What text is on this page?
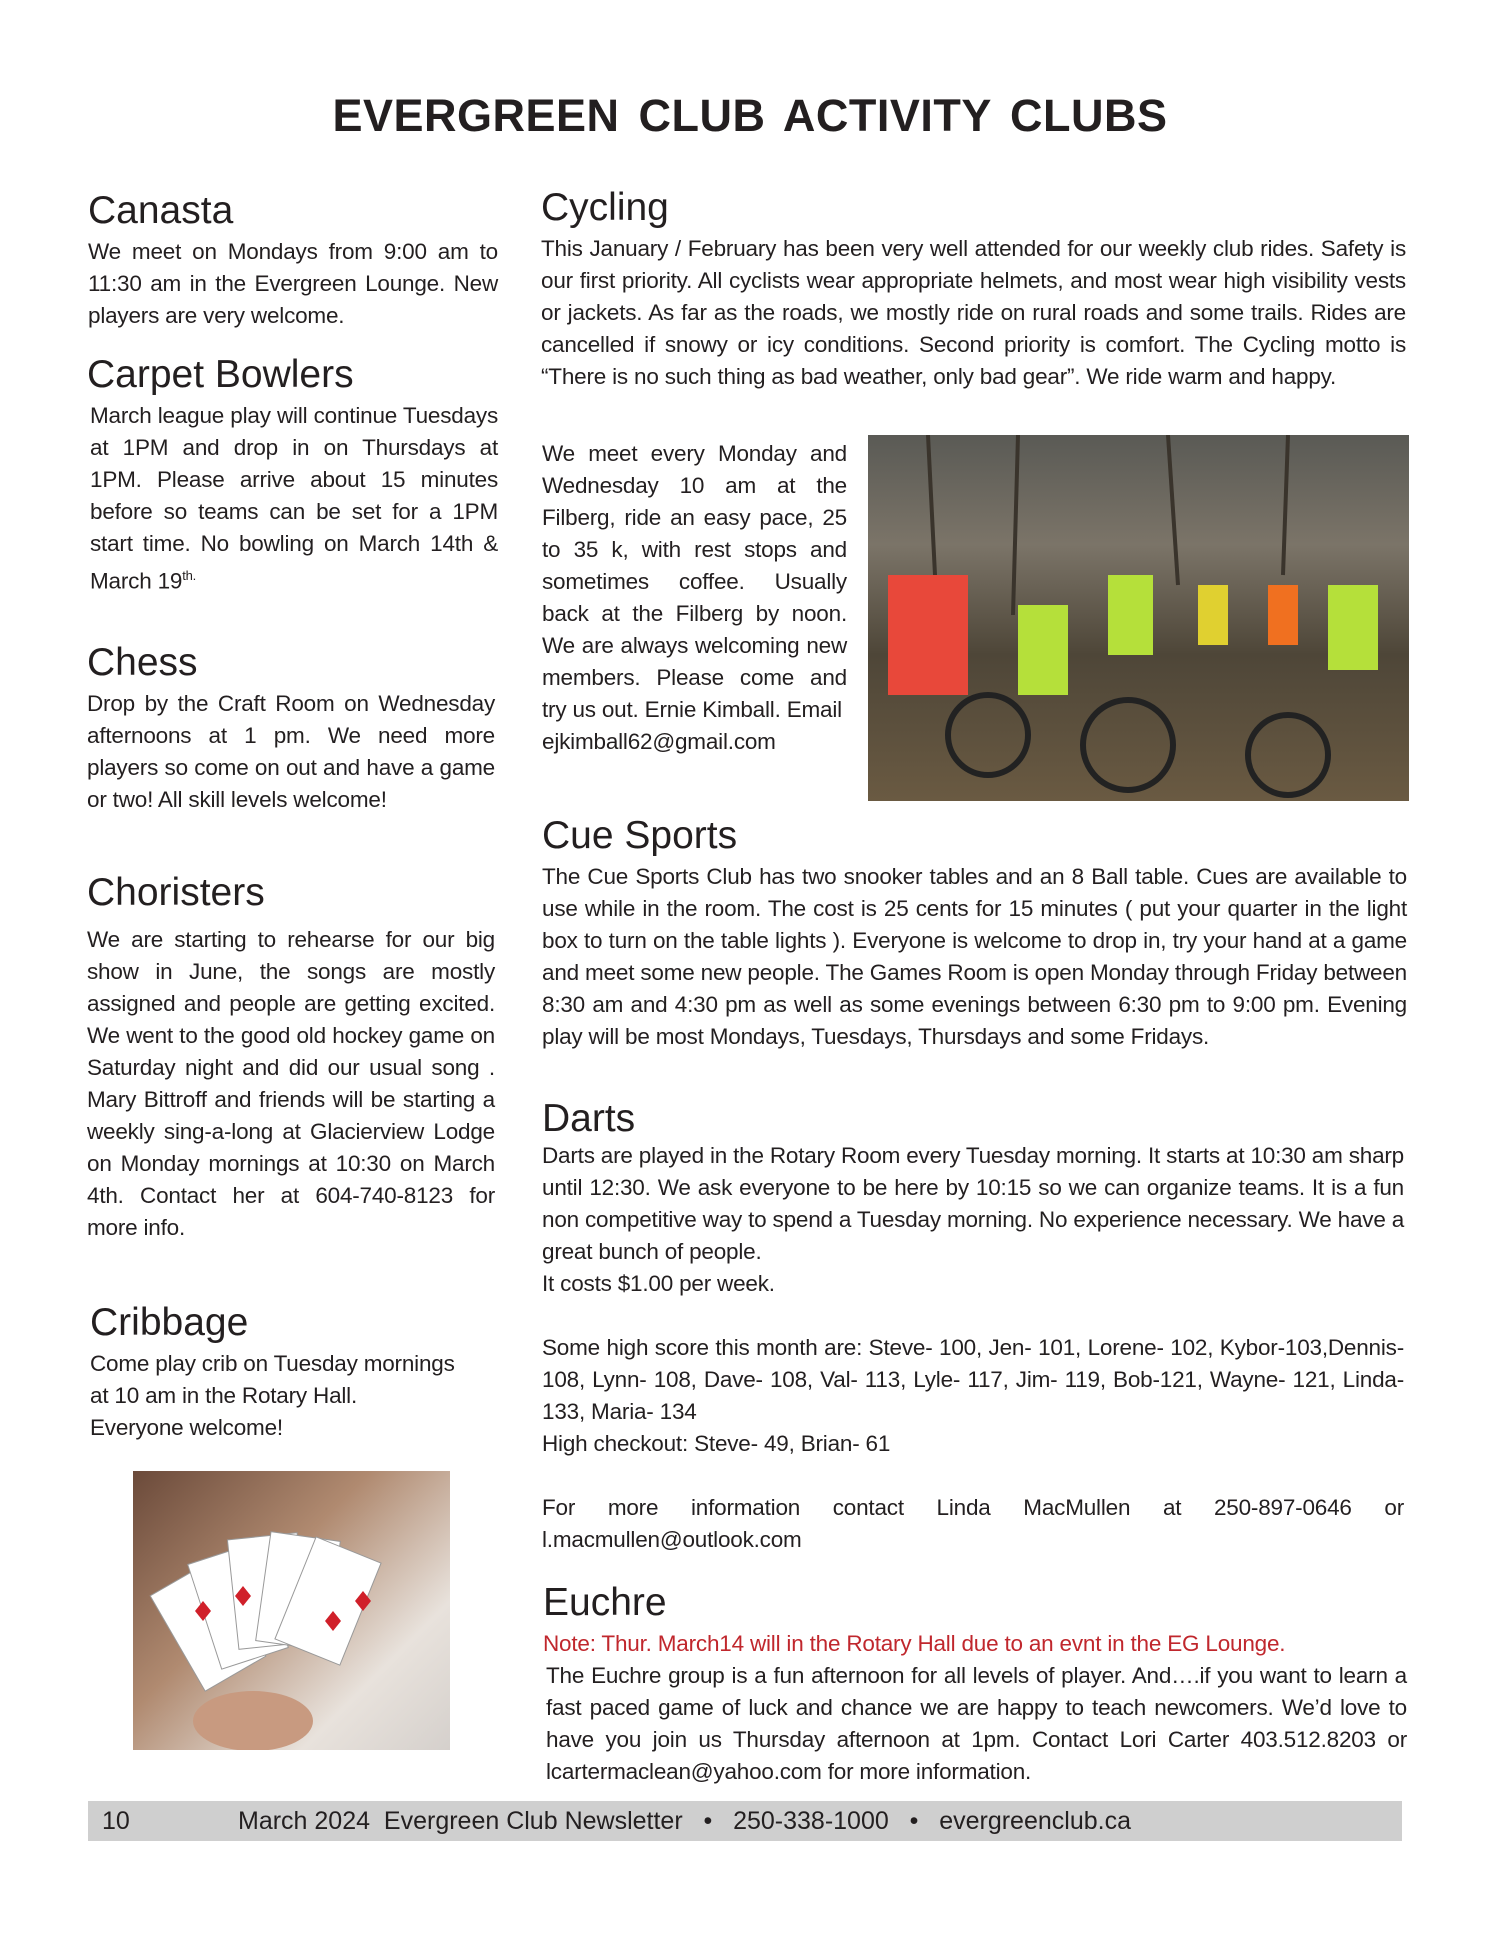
EVERGREEN CLUB ACTIVITY CLUBS
Canasta
We meet on Mondays from 9:00 am to 11:30 am in the Evergreen Lounge. New players are very welcome.
Carpet Bowlers
March league play will continue Tuesdays at 1PM and drop in on Thursdays at 1PM. Please arrive about 15 minutes before so teams can be set for a 1PM start time. No bowling on March 14th & March $19^{th.}$
Chess
Drop by the Craft Room on Wednesday afternoons at 1 pm. We need more players so come on out and have a game or two! All skill levels welcome!
Choristers
We are starting to rehearse for our big show in June, the songs are mostly assigned and people are getting excited. We went to the good old hockey game on Saturday night and did our usual song . Mary Bittroff and friends will be starting a weekly sing-a-long at Glacierview Lodge on Monday mornings at 10:30 on March 4th. Contact her at 604-740-8123 for more info.
Cribbage
Come play crib on Tuesday mornings
at 10 am in the Rotary Hall.
Everyone welcome!
Cycling
This January / February has been very well attended for our weekly club rides. Safety is our first priority. All cyclists wear appropriate helmets, and most wear high visibility vests or jackets. As far as the roads, we mostly ride on rural roads and some trails. Rides are cancelled if snowy or icy conditions. Second priority is comfort. The Cycling motto is “There is no such thing as bad weather, only bad gear”. We ride warm and happy.
We meet every Monday and Wednesday 10 am at the Filberg, ride an easy pace, 25 to 35 k, with rest stops and sometimes coffee. Usually back at the Filberg by noon. We are always welcoming new members. Please come and try us out. Ernie Kimball. Email
ejkimball62@gmail.com
Cue Sports
The Cue Sports Club has two snooker tables and an 8 Ball table. Cues are available to use while in the room. The cost is 25 cents for 15 minutes ( put your quarter in the light box to turn on the table lights ). Everyone is welcome to drop in, try your hand at a game and meet some new people. The Games Room is open Monday through Friday between 8:30 am and 4:30 pm as well as some evenings between 6:30 pm to 9:00 pm. Evening play will be most Mondays, Tuesdays, Thursdays and some Fridays.
Darts
Darts are played in the Rotary Room every Tuesday morning. It starts at 10:30 am sharp until 12:30. We ask everyone to be here by 10:15 so we can organize teams. It is a fun non competitive way to spend a Tuesday morning. No experience necessary. We have a great bunch of people.
It costs $1.00 per week.
Some high score this month are: Steve- 100, Jen- 101, Lorene- 102, Kybor-103,Dennis- 108, Lynn- 108, Dave- 108, Val- 113, Lyle- 117, Jim- 119, Bob-121, Wayne- 121, Linda-133, Maria- 134
High checkout: Steve- 49, Brian- 61
For more information contact Linda MacMullen at 250-897-0646 or l.macmullen@outlook.com
Euchre
Note: Thur. March14 will in the Rotary Hall due to an evnt in the EG Lounge.
The Euchre group is a fun afternoon for all levels of player. And….if you want to learn a fast paced game of luck and chance we are happy to teach newcomers. We’d love to have you join us Thursday afternoon at 1pm. Contact Lori Carter 403.512.8203 or lcartermaclean@yahoo.com for more information.
10	March 2024  Evergreen Club Newsletter   •   250-338-1000   •   evergreenclub.ca
